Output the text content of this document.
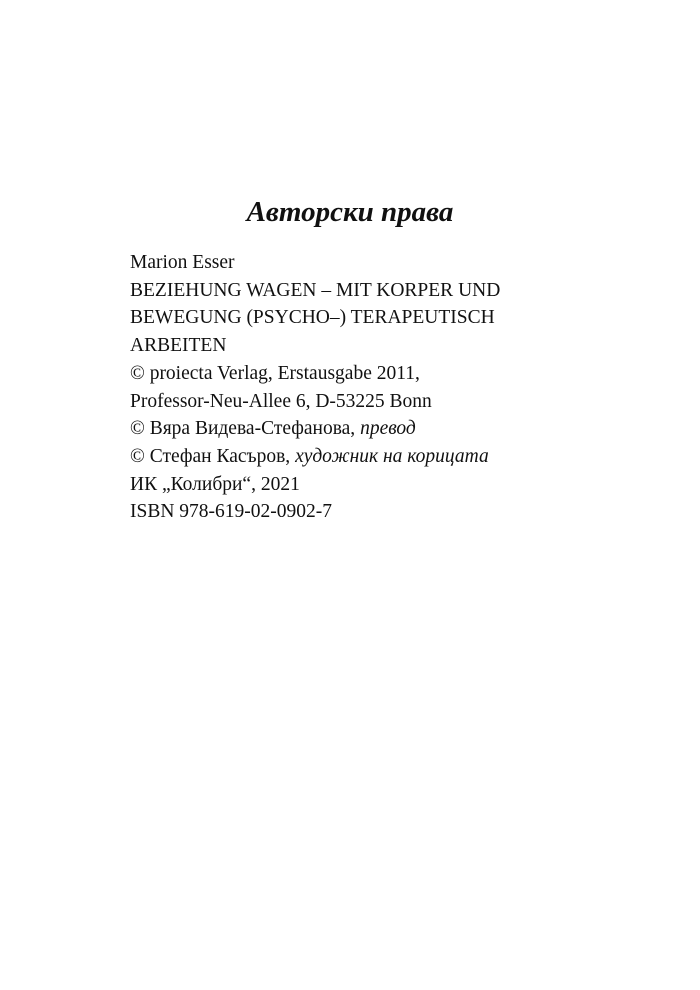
Авторски права
Marion Esser
BEZIEHUNG WAGEN – MIT KORPER UND
BEWEGUNG (PSYCHO–) TERAPEUTISCH
ARBEITEN
© proiecta Verlag, Erstausgabe 2011,
Professor-Neu-Allee 6, D-53225 Bonn
© Вяра Видева-Стефанова, превод
© Стефан Касъров, художник на корицата
ИК „Колибри“, 2021
ISBN 978-619-02-0902-7
